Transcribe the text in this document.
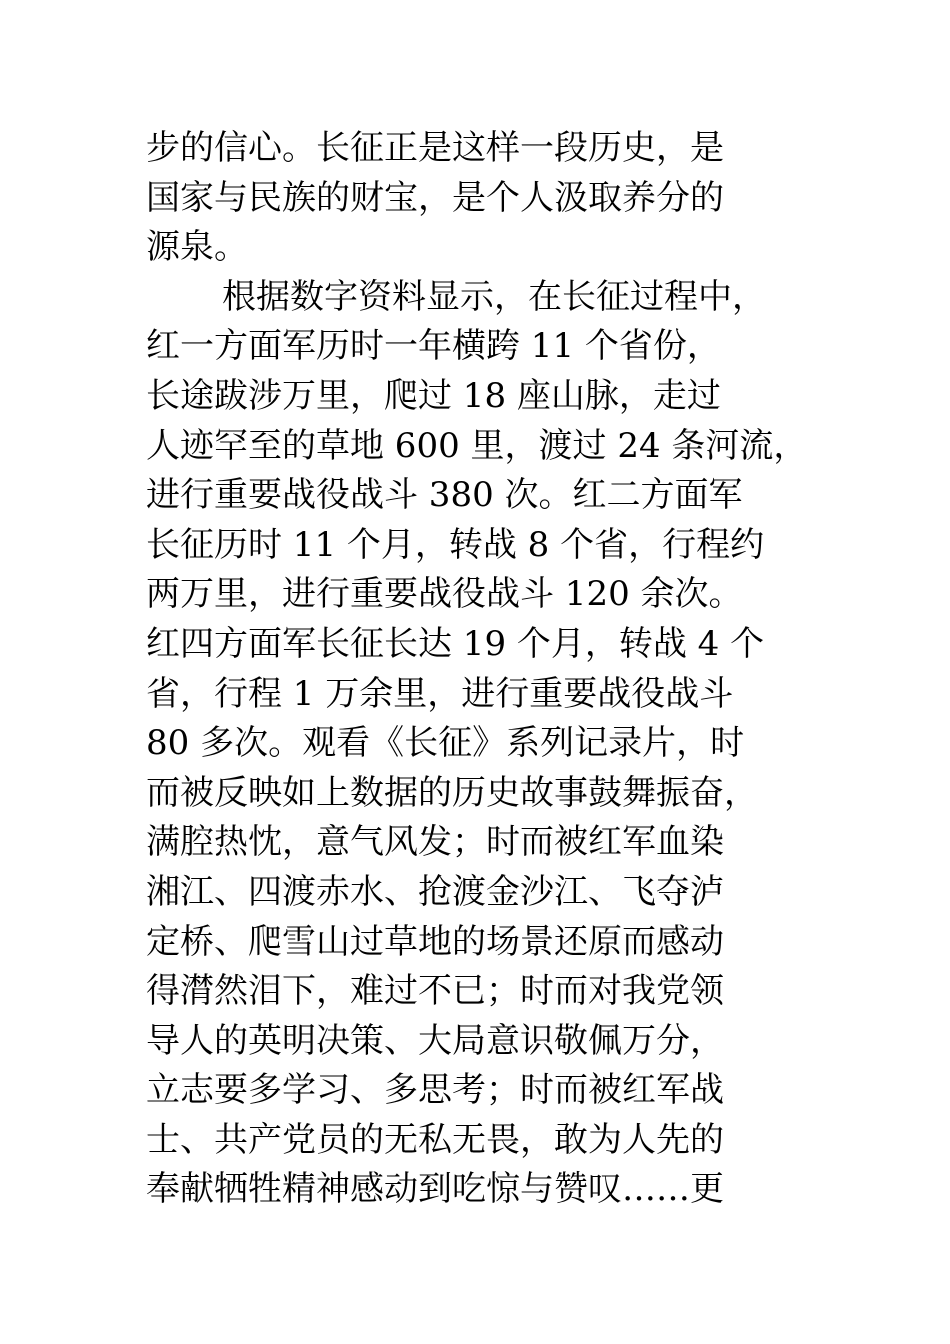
步的信心。长征正是这样一段历史，是
国家与民族的财宝，是个人汲取养分的
源泉。
根据数字资料显示，在长征过程中，
红一方面军历时一年横跨 11 个省份，
长途跋涉万里，爬过 18 座山脉，走过
人迹罕至的草地 600 里，渡过 24 条河流，
进行重要战役战斗 380 次。红二方面军
长征历时 11 个月，转战 8 个省，行程约
两万里，进行重要战役战斗 120 余次。
红四方面军长征长达 19 个月，转战 4 个
省，行程 1 万余里，进行重要战役战斗
80 多次。观看《长征》系列记录片，时
而被反映如上数据的历史故事鼓舞振奋，
满腔热忱，意气风发；时而被红军血染
湘江、四渡赤水、抢渡金沙江、飞夺泸
定桥、爬雪山过草地的场景还原而感动
得潸然泪下，难过不已；时而对我党领
导人的英明决策、大局意识敬佩万分，
立志要多学习、多思考；时而被红军战
士、共产党员的无私无畏，敢为人先的
奉献牺牲精神感动到吃惊与赞叹……更
